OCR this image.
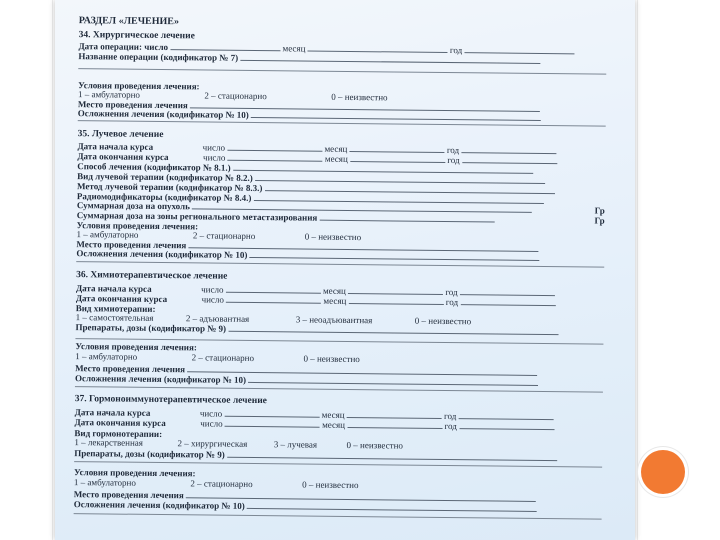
РАЗДЕЛ «ЛЕЧЕНИЕ»
34. Хирургическое лечение
Дата операции: число	месяц	год
Название операции (кодификатор № 7)
Условия проведения лечения:
1 – амбулаторно	2 – стационарно	0 – неизвестно
Место проведения лечения
Осложнения лечения (кодификатор № 10)
35. Лучевое лечение
Дата начала курса	число	месяц	год
Дата окончания курса	число	месяц	год
Способ лечения (кодификатор № 8.1.)
Вид лучевой терапии (кодификатор № 8.2.)
Метод лучевой терапии (кодификатор № 8.3.)
Радиомодификаторы (кодификатор № 8.4.)
Суммарная доза на опухоль	Гр
Суммарная доза на зоны регионального метастазирования	Гр
Условия проведения лечения:
1 – амбулаторно	2 – стационарно	0 – неизвестно
Место проведения лечения
Осложнения лечения (кодификатор № 10)
36. Химиотерапевтическое лечение
Дата начала курса	число	месяц	год
Дата окончания курса	число	месяц	год
Вид химиотерапии:
1 – самостоятельная	2 – адъювантная	3 – неоадъювантная	0 – неизвестно
Препараты, дозы (кодификатор № 9)
Условия проведения лечения:
1 – амбулаторно	2 – стационарно	0 – неизвестно
Место проведения лечения
Осложнения лечения (кодификатор № 10)
37. Гормоноиммунотерапевтическое лечение
Дата начала курса	число	месяц	год
Дата окончания курса	число	месяц	год
Вид гормонотерапии:
1 – лекарственная	2 – хирургическая	3 – лучевая	0 – неизвестно
Препараты, дозы (кодификатор № 9)
Условия проведения лечения:
1 – амбулаторно	2 – стационарно	0 – неизвестно
Место проведения лечения
Осложнения лечения (кодификатор № 10)
